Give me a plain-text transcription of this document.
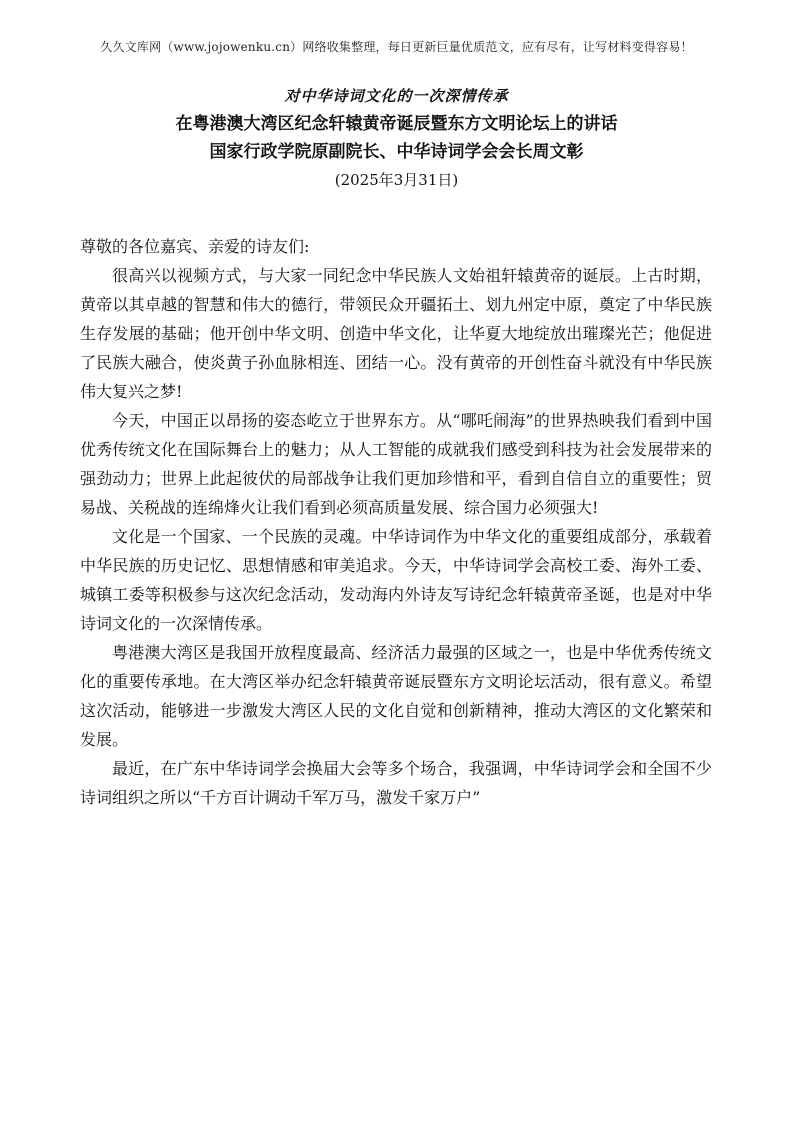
久久文库网（www.jojowenku.cn）网络收集整理，每日更新巨量优质范文，应有尽有，让写材料变得容易！
对中华诗词文化的一次深情传承
在粤港澳大湾区纪念轩辕黄帝诞辰暨东方文明论坛上的讲话
国家行政学院原副院长、中华诗词学会会长周文彰
(2025年3月31日)

尊敬的各位嘉宾、亲爱的诗友们:

很高兴以视频方式，与大家一同纪念中华民族人文始祖轩辕黄帝的诞辰。上古时期，黄帝以其卓越的智慧和伟大的德行，带领民众开疆拓土、划九州定中原，奠定了中华民族生存发展的基础；他开创中华文明、创造中华文化，让华夏大地绽放出璀璨光芒；他促进了民族大融合，使炎黄子孙血脉相连、团结一心。没有黄帝的开创性奋斗就没有中华民族伟大复兴之梦!

今天，中国正以昂扬的姿态屹立于世界东方。从“哪吒闹海”的世界热映我们看到中国优秀传统文化在国际舞台上的魅力；从人工智能的成就我们感受到科技为社会发展带来的强劲动力；世界上此起彼伏的局部战争让我们更加珍惜和平，看到自信自立的重要性；贸易战、关税战的连绵烽火让我们看到必须高质量发展、综合国力必须强大!

文化是一个国家、一个民族的灵魂。中华诗词作为中华文化的重要组成部分，承载着中华民族的历史记忆、思想情感和审美追求。今天，中华诗词学会高校工委、海外工委、城镇工委等积极参与这次纪念活动，发动海内外诗友写诗纪念轩辕黄帝圣诞，也是对中华诗词文化的一次深情传承。

粤港澳大湾区是我国开放程度最高、经济活力最强的区域之一，也是中华优秀传统文化的重要传承地。在大湾区举办纪念轩辕黄帝诞辰暨东方文明论坛活动，很有意义。希望这次活动，能够进一步激发大湾区人民的文化自觉和创新精神，推动大湾区的文化繁荣和发展。

最近，在广东中华诗词学会换届大会等多个场合，我强调，中华诗词学会和全国不少诗词组织之所以“千方百计调动千军万马，激发千家万户”
